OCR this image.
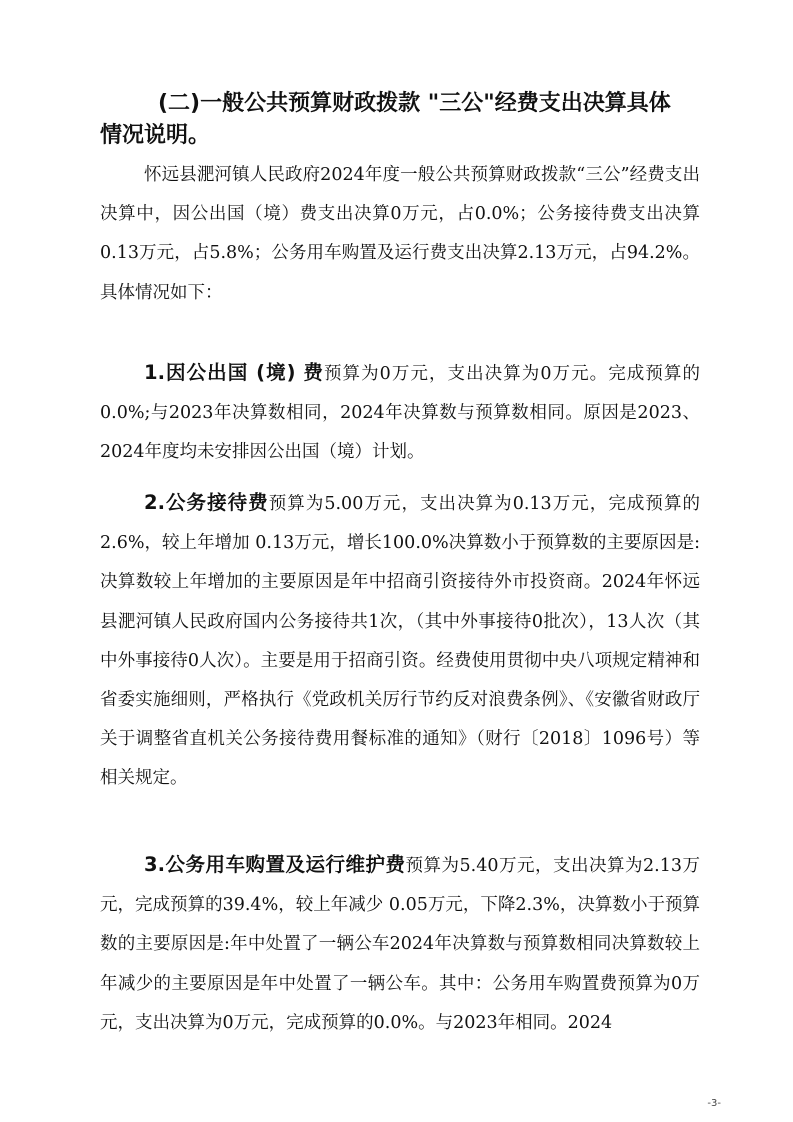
(二)一般公共预算财政拨款 "三公"经费支出决算具体 情况说明。

怀远县淝河镇人民政府2024年度一般公共预算财政拨款“三公”经费支出决算中，因公出国（境）费支出决算0万元，占0.0%；公务接待费支出决算0.13万元，占5.8%；公务用车购置及运行费支出决算2.13万元，占94.2%。具体情况如下：

1.因公出国 (境) 费预算为0万元，支出决算为0万元。完成预算的0.0%;与2023年决算数相同，2024年决算数与预算数相同。原因是2023、2024年度均未安排因公出国（境）计划。

2.公务接待费预算为5.00万元，支出决算为0.13万元，完成预算的 2.6%，较上年增加 0.13万元，增长100.0%决算数小于预算数的主要原因是:决算数较上年增加的主要原因是年中招商引资接待外市投资商。2024年怀远县淝河镇人民政府国内公务接待共1次，（其中外事接待0批次），13人次（其中外事接待0人次）。主要是用于招商引资。经费使用贯彻中央八项规定精神和省委实施细则，严格执行《党政机关厉行节约反对浪费条例》、《安徽省财政厅关于调整省直机关公务接待费用餐标准的通知》（财行〔2018〕1096号）等相关规定。

3.公务用车购置及运行维护费预算为5.40万元，支出决算为2.13万元，完成预算的39.4%，较上年减少 0.05万元，下降2.3%，决算数小于预算数的主要原因是:年中处置了一辆公车2024年决算数与预算数相同决算数较上年减少的主要原因是年中处置了一辆公车。其中：公务用车购置费预算为0万元，支出决算为0万元，完成预算的0.0%。与2023年相同。2024

-3-
